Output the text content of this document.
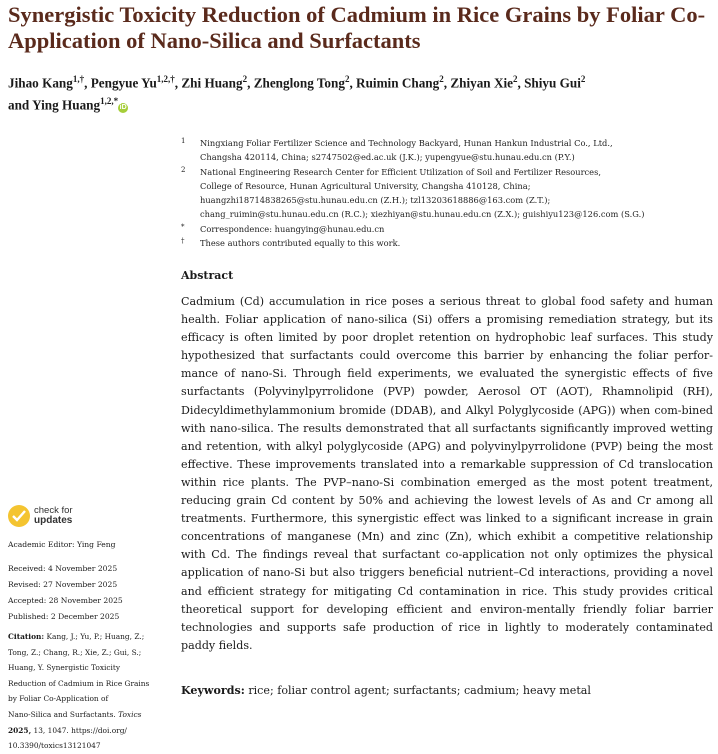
Synergistic Toxicity Reduction of Cadmium in Rice Grains by Foliar Co-Application of Nano-Silica and Surfactants
Jihao Kang$^{1,\dagger}$, Pengyue $Yu^{1,2,\dagger}$, Zhi Huang$^2$, Zhenglong Tong$^2$, Ruimin Chang$^2$, Zhiyan Xie$^2$, Shiyu Gui$^2$
and Ying Huang$^{1,2,*}$iD
1	Ningxiang Foliar Fertilizer Science and Technology Backyard, Hunan Hankun Industrial Co., Ltd.,
Changsha 420114, China; s2747502@ed.ac.uk (J.K.); yupengyue@stu.hunau.edu.cn (P.Y.)
2	National Engineering Research Center for Efficient Utilization of Soil and Fertilizer Resources,
College of Resource, Hunan Agricultural University, Changsha 410128, China;
huangzhi18714838265@stu.hunau.edu.cn (Z.H.); tzl13203618886@163.com (Z.T.);
chang_ruimin@stu.hunau.edu.cn (R.C.); xiezhiyan@stu.hunau.edu.cn (Z.X.); guishiyu123@126.com (S.G.)
*	Correspondence: huangying@hunau.edu.cn
†	These authors contributed equally to this work.
Abstract
Cadmium (Cd) accumulation in rice poses a serious threat to global food safety and human health. Foliar application of nano-silica (Si) offers a promising remediation strategy, but its efficacy is often limited by poor droplet retention on hydrophobic leaf surfaces. This study hypothesized that surfactants could overcome this barrier by enhancing the foliar perfor-mance of nano-Si. Through field experiments, we evaluated the synergistic effects of five surfactants (Polyvinylpyrrolidone (PVP) powder, Aerosol OT (AOT), Rhamnolipid (RH), Didecyldimethylammonium bromide (DDAB), and Alkyl Polyglycoside (APG)) when com-bined with nano-silica. The results demonstrated that all surfactants significantly improved wetting and retention, with alkyl polyglycoside (APG) and polyvinylpyrrolidone (PVP) being the most effective. These improvements translated into a remarkable suppression of Cd translocation within rice plants. The PVP–nano-Si combination emerged as the most potent treatment, reducing grain Cd content by 50% and achieving the lowest levels of As and Cr among all treatments. Furthermore, this synergistic effect was linked to a significant increase in grain concentrations of manganese (Mn) and zinc (Zn), which exhibit a competitive relationship with Cd. The findings reveal that surfactant co-application not only optimizes the physical application of nano-Si but also triggers beneficial nutrient–Cd interactions, providing a novel and efficient strategy for mitigating Cd contamination in rice. This study provides critical theoretical support for developing efficient and environ-mentally friendly foliar barrier technologies and supports safe production of rice in lightly to moderately contaminated paddy fields.
Keywords: rice; foliar control agent; surfactants; cadmium; heavy metal
check for
updates
Academic Editor: Ying Feng
Received: 4 November 2025
Revised: 27 November 2025
Accepted: 28 November 2025
Published: 2 December 2025
Citation: Kang, J.; Yu, P.; Huang, Z.;
Tong, Z.; Chang, R.; Xie, Z.; Gui, S.;
Huang, Y. Synergistic Toxicity
Reduction of Cadmium in Rice Grains
by Foliar Co-Application of
Nano-Silica and Surfactants. Toxics
2025, 13, 1047. https://doi.org/
10.3390/toxics13121047
